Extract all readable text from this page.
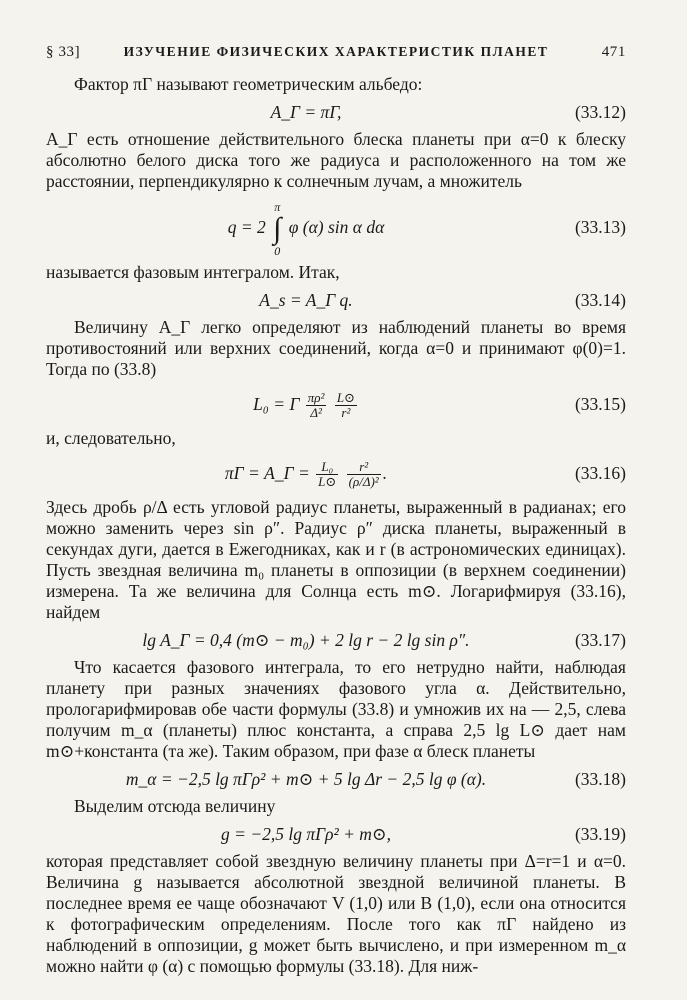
§ 33]	ИЗУЧЕНИЕ ФИЗИЧЕСКИХ ХАРАКТЕРИСТИК ПЛАНЕТ	471

Фактор πΓ называют геометрическим альбедо:

A_Γ = πΓ,	(33.12)

A_Γ есть отношение действительного блеска планеты при α=0 к блеску абсолютно белого диска того же радиуса и расположенного на том же расстоянии, перпендикулярно к солнечным лучам, а множитель

q = 2 π
∫
0 φ (α) sin α dα	(33.13)

называется фазовым интегралом. Итак,

A_s = A_Γ q.	(33.14)

Величину A_Γ легко определяют из наблюдений планеты во время противостояний или верхних соединений, когда α=0 и принимают φ(0)=1. Тогда по (33.8)

L₀ = Γ $\frac{\text{πρ²}}{\text{Δ²}}$
$\frac{L⊙}{\text{r²}}$	(33.15)

и, следовательно,

πΓ = A_Γ = $\frac{\text{L₀}}{L⊙}$
$\frac{\text{r²}}{\text{(ρ/Δ)²}}$ .	(33.16)

Здесь дробь ρ/Δ есть угловой радиус планеты, выраженный в радианах; его можно заменить через sin ρ″. Радиус ρ″ диска планеты, выраженный в секундах дуги, дается в Ежегодниках, как и r (в астрономических единицах). Пусть звездная величина m₀ планеты в оппозиции (в верхнем соединении) измерена. Та же величина для Солнца есть m⊙. Логарифмируя (33.16), найдем

lg A_Γ = 0,4 (m⊙ − m₀) + 2 lg r − 2 lg sin ρ″.	(33.17)

Что касается фазового интеграла, то его нетрудно найти, наблюдая планету при разных значениях фазового угла α. Действительно, прологарифмировав обе части формулы (33.8) и умножив их на — 2,5, слева получим m_α (планеты) плюс константа, а справа 2,5 lg L⊙ дает нам m⊙+константа (та же). Таким образом, при фазе α блеск планеты

m_α = −2,5 lg πΓρ² + m⊙ + 5 lg Δr − 2,5 lg φ (α).	(33.18)

Выделим отсюда величину

g = −2,5 lg πΓρ² + m⊙,	(33.19)

которая представляет собой звездную величину планеты при Δ=r=1 и α=0. Величина g называется абсолютной звездной величиной планеты. В последнее время ее чаще обозначают V (1,0) или B (1,0), если она относится к фотографическим определениям. После того как πΓ найдено из наблюдений в оппозиции, g может быть вычислено, и при измеренном m_α можно найти φ (α) с помощью формулы (33.18). Для ниж-
